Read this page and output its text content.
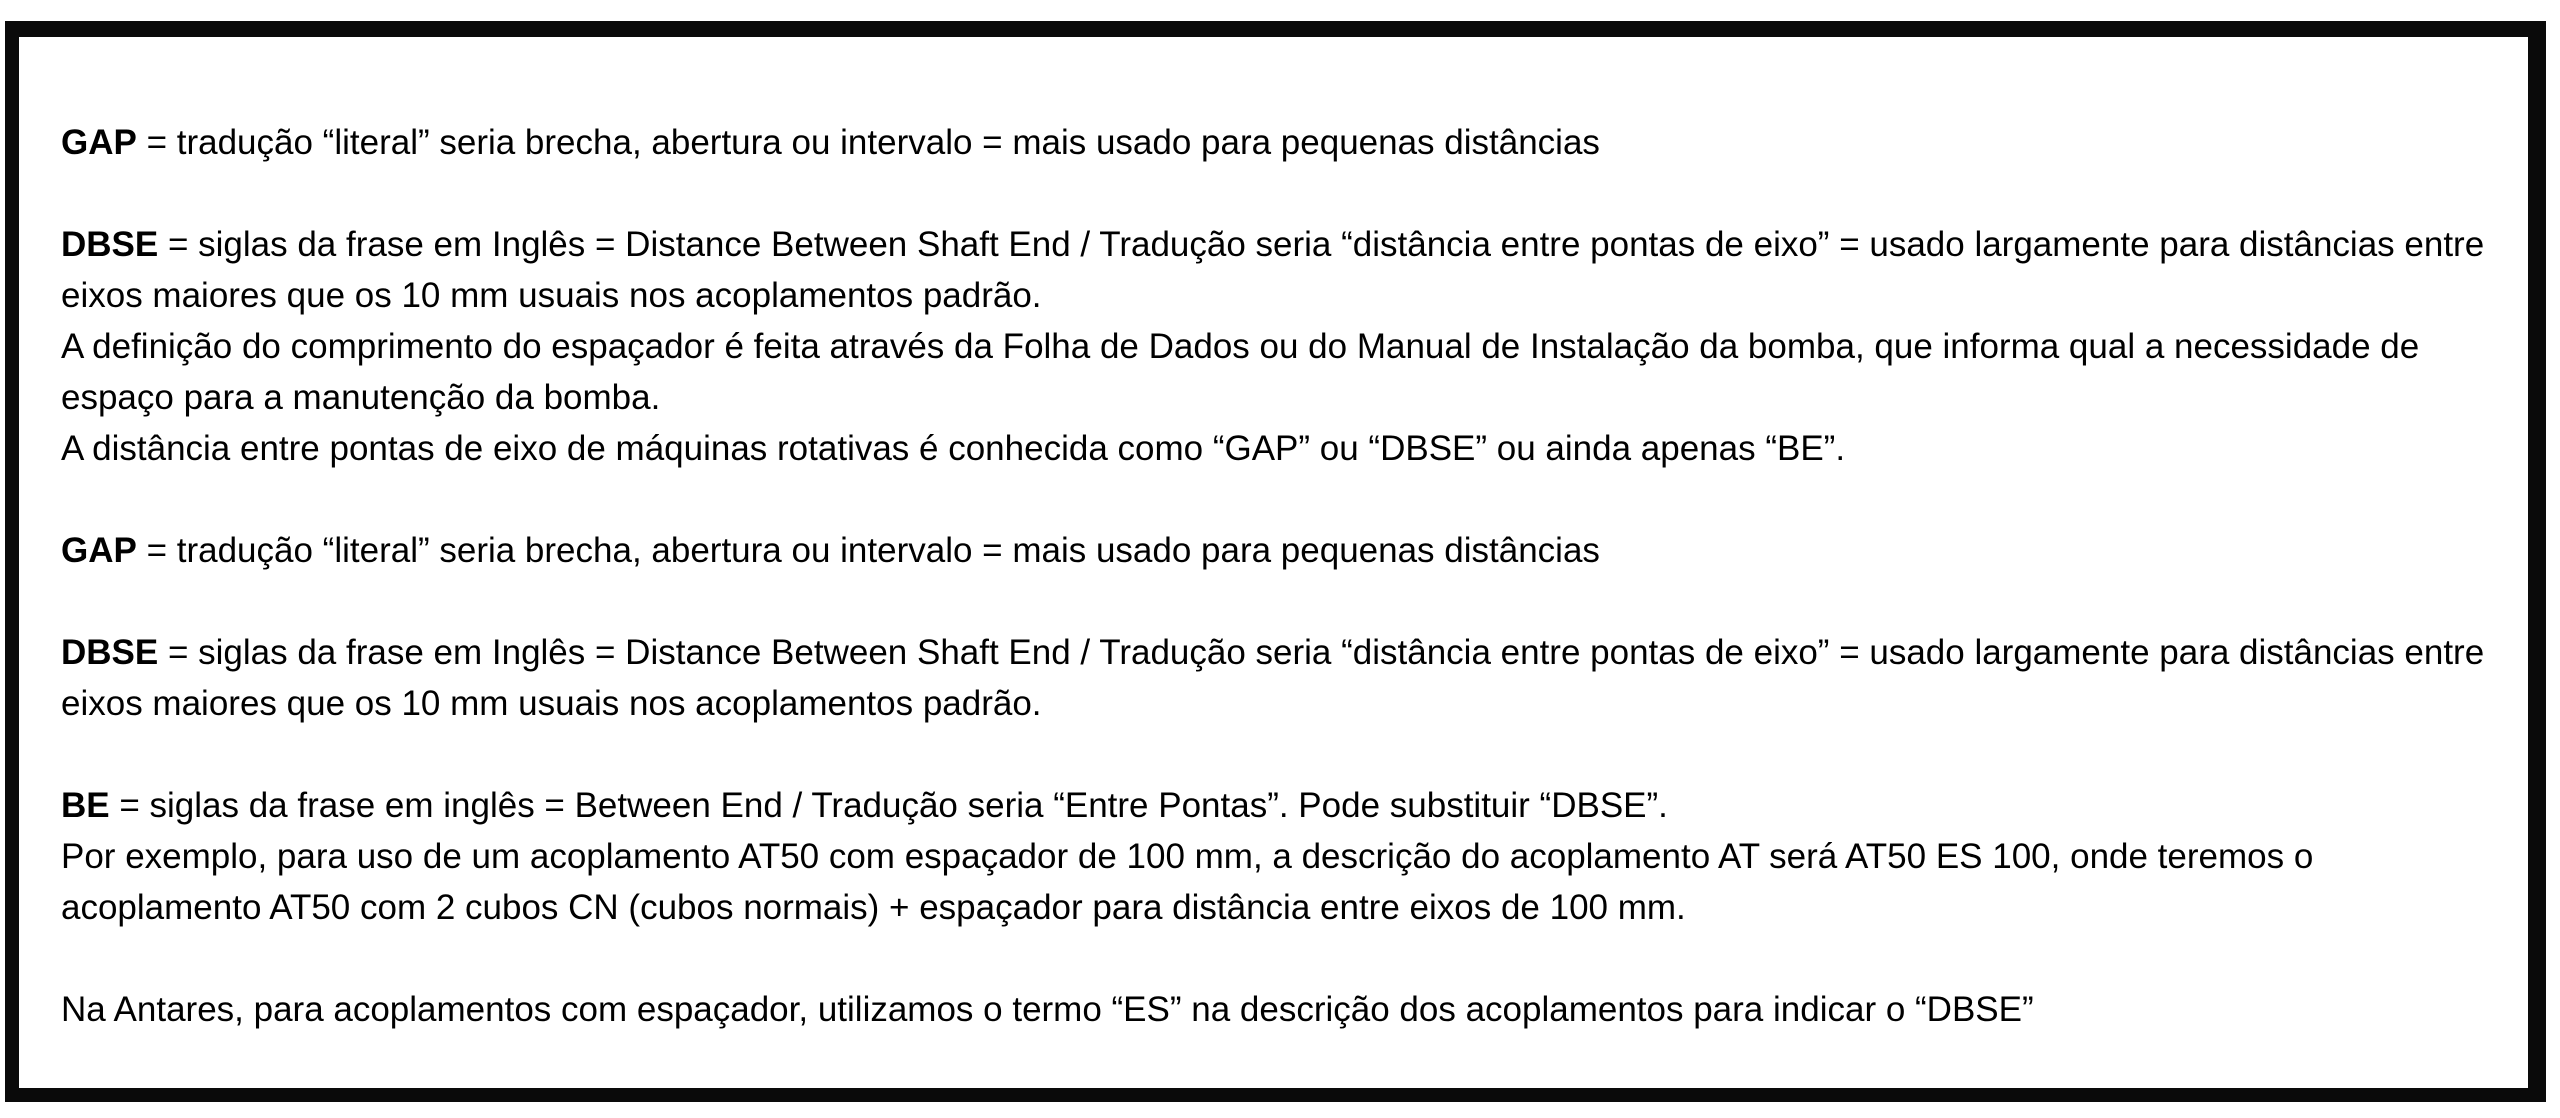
GAP = tradução “literal” seria brecha, abertura ou intervalo = mais usado para pequenas distâncias

DBSE = siglas da frase em Inglês = Distance Between Shaft End / Tradução seria “distância entre pontas de eixo” = usado largamente para distâncias entre eixos maiores que os 10 mm usuais nos acoplamentos padrão.

A definição do comprimento do espaçador é feita através da Folha de Dados ou do Manual de Instalação da bomba, que informa qual a necessidade de espaço para a manutenção da bomba.

A distância entre pontas de eixo de máquinas rotativas é conhecida como “GAP” ou “DBSE” ou ainda apenas “BE”.

GAP = tradução “literal” seria brecha, abertura ou intervalo = mais usado para pequenas distâncias

DBSE = siglas da frase em Inglês = Distance Between Shaft End / Tradução seria “distância entre pontas de eixo” = usado largamente para distâncias entre eixos maiores que os 10 mm usuais nos acoplamentos padrão.

BE = siglas da frase em inglês = Between End / Tradução seria “Entre Pontas”. Pode substituir “DBSE”.

Por exemplo, para uso de um acoplamento AT50 com espaçador de 100 mm, a descrição do acoplamento AT será AT50 ES 100, onde teremos o acoplamento AT50 com 2 cubos CN (cubos normais) + espaçador para distância entre eixos de 100 mm.

Na Antares, para acoplamentos com espaçador, utilizamos o termo “ES” na descrição dos acoplamentos para indicar o “DBSE”
